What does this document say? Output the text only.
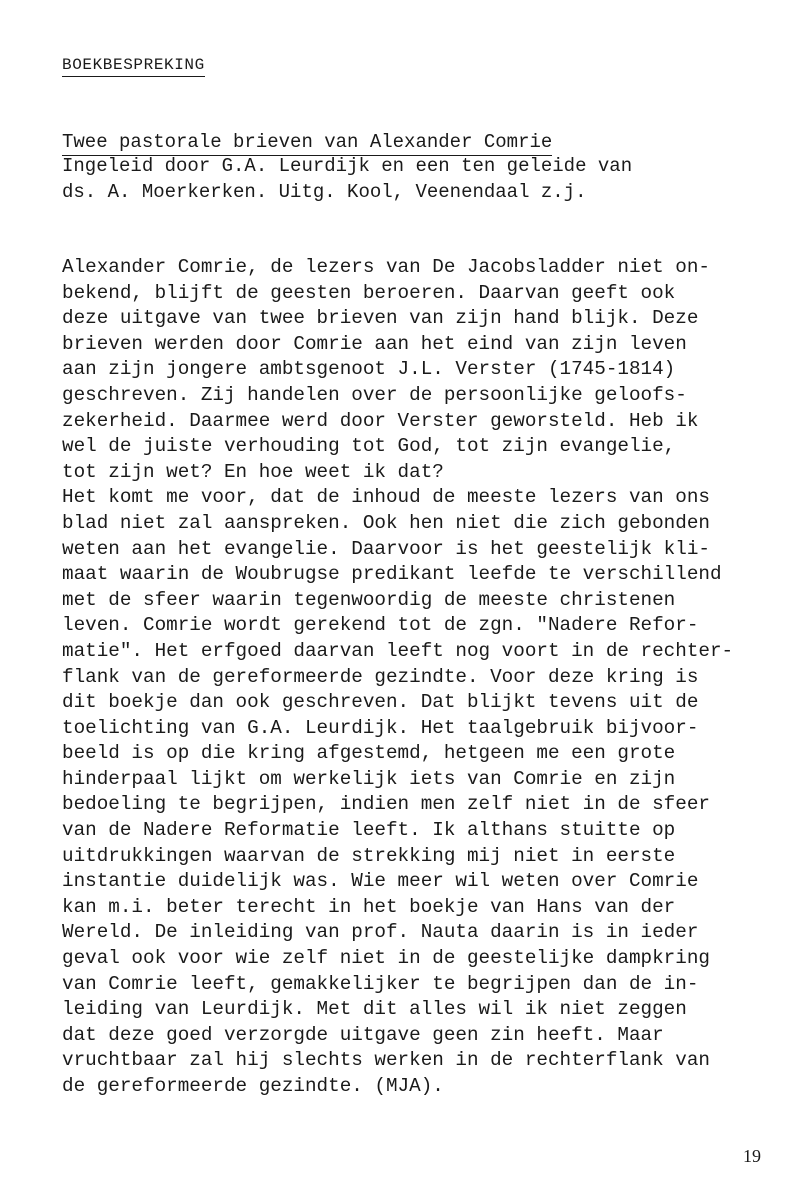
BOEKBESPREKING
Twee pastorale brieven van Alexander Comrie
Ingeleid door G.A. Leurdijk en een ten geleide van
ds. A. Moerkerken. Uitg. Kool, Veenendaal z.j.
Alexander Comrie, de lezers van De Jacobsladder niet on-
bekend, blijft de geesten beroeren. Daarvan geeft ook
deze uitgave van twee brieven van zijn hand blijk. Deze
brieven werden door Comrie aan het eind van zijn leven
aan zijn jongere ambtsgenoot J.L. Verster (1745-1814)
geschreven. Zij handelen over de persoonlijke geloofs-
zekerheid. Daarmee werd door Verster geworsteld. Heb ik
wel de juiste verhouding tot God, tot zijn evangelie,
tot zijn wet? En hoe weet ik dat?
Het komt me voor, dat de inhoud de meeste lezers van ons
blad niet zal aanspreken. Ook hen niet die zich gebonden
weten aan het evangelie. Daarvoor is het geestelijk kli-
maat waarin de Woubrugse predikant leefde te verschillend
met de sfeer waarin tegenwoordig de meeste christenen
leven. Comrie wordt gerekend tot de zgn. "Nadere Refor-
matie". Het erfgoed daarvan leeft nog voort in de rechter-
flank van de gereformeerde gezindte. Voor deze kring is
dit boekje dan ook geschreven. Dat blijkt tevens uit de
toelichting van G.A. Leurdijk. Het taalgebruik bijvoor-
beeld is op die kring afgestemd, hetgeen me een grote
hinderpaal lijkt om werkelijk iets van Comrie en zijn
bedoeling te begrijpen, indien men zelf niet in de sfeer
van de Nadere Reformatie leeft. Ik althans stuitte op
uitdrukkingen waarvan de strekking mij niet in eerste
instantie duidelijk was. Wie meer wil weten over Comrie
kan m.i. beter terecht in het boekje van Hans van der
Wereld. De inleiding van prof. Nauta daarin is in ieder
geval ook voor wie zelf niet in de geestelijke dampkring
van Comrie leeft, gemakkelijker te begrijpen dan de in-
leiding van Leurdijk. Met dit alles wil ik niet zeggen
dat deze goed verzorgde uitgave geen zin heeft. Maar
vruchtbaar zal hij slechts werken in de rechterflank van
de gereformeerde gezindte. (MJA).
19
